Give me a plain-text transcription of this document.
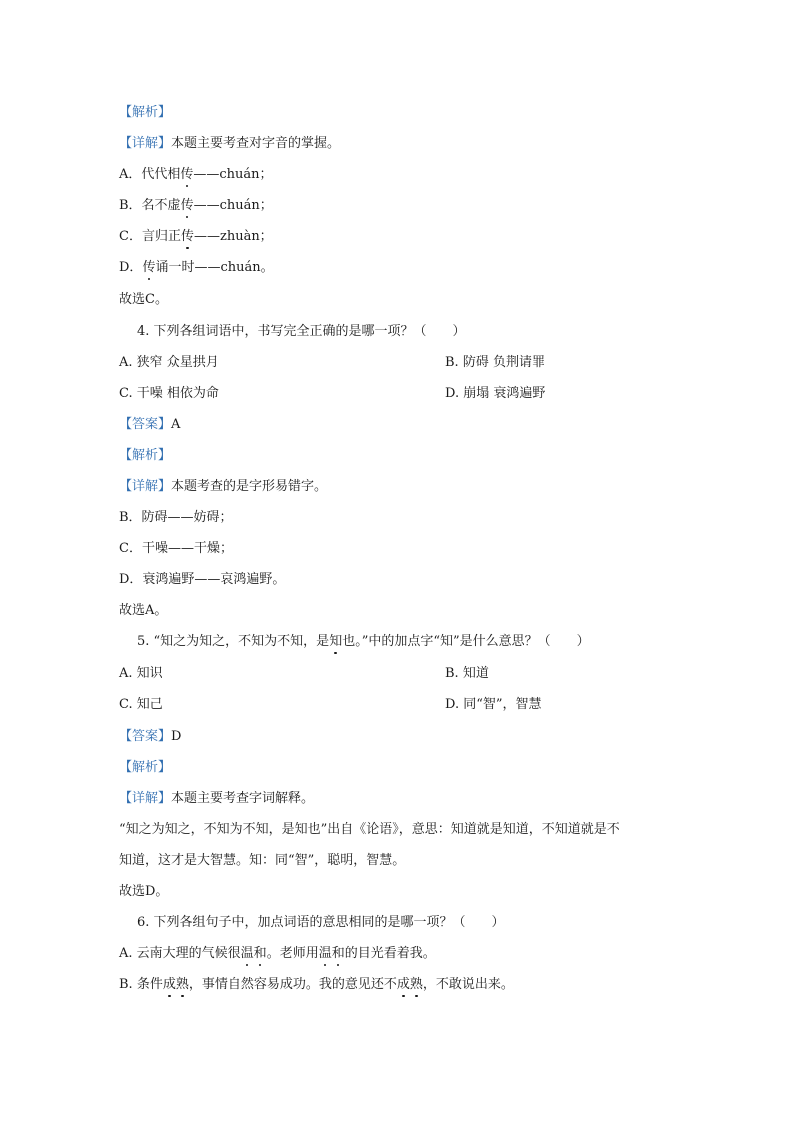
【解析】
【详解】本题主要考查对字音的掌握。
A．代代相传——chuán；
B．名不虚传——chuán；
C．言归正传——zhuàn；
D．传诵一时——chuán。
故选C。
4. 下列各组词语中，书写完全正确的是哪一项？（　　）
A. 狭窄 众星拱月	B. 防碍 负荆请罪
C. 干噪 相依为命	D. 崩塌 衰鸿遍野
【答案】A
【解析】
【详解】本题考查的是字形易错字。
B．防碍——妨碍；
C．干噪——干燥；
D．衰鸿遍野——哀鸿遍野。
故选A。
5. “知之为知之，不知为不知，是知也。”中的加点字“知”是什么意思？（　　）
A. 知识	B. 知道
C. 知己	D. 同“智”，智慧
【答案】D
【解析】
【详解】本题主要考查字词解释。
“知之为知之，不知为不知，是知也”出自《论语》，意思：知道就是知道，不知道就是不
知道，这才是大智慧。知：同“智”，聪明，智慧。
故选D。
6. 下列各组句子中，加点词语的意思相同的是哪一项？（　　）
A. 云南大理的气候很温和。老师用温和的目光看着我。
B. 条件成熟，事情自然容易成功。我的意见还不成熟，不敢说出来。
